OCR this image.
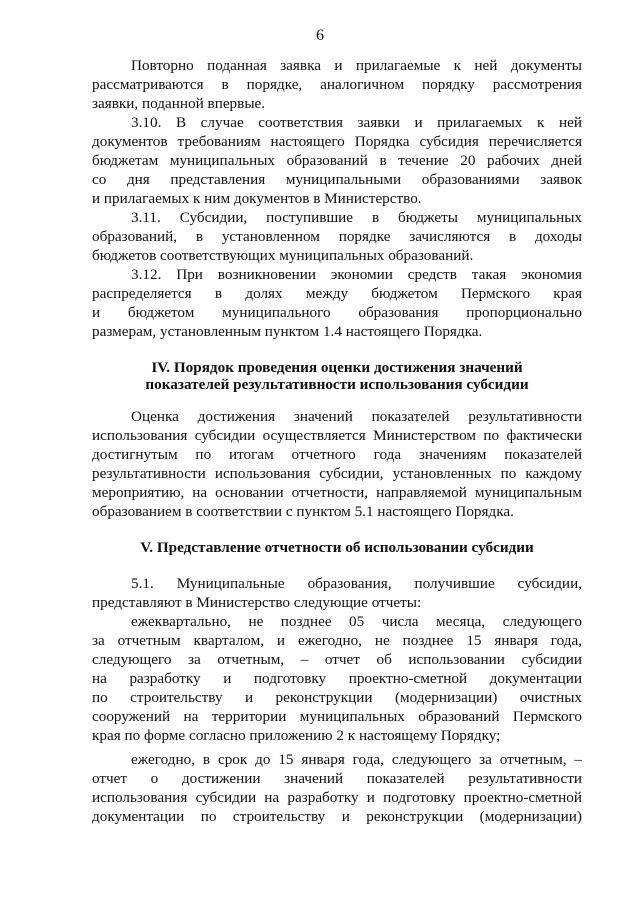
6
Повторно поданная заявка и прилагаемые к ней документы
рассматриваются в порядке, аналогичном порядку рассмотрения
заявки, поданной впервые.
3.10. В случае соответствия заявки и прилагаемых к ней
документов требованиям настоящего Порядка субсидия перечисляется
бюджетам муниципальных образований в течение 20 рабочих дней
со дня представления муниципальными образованиями заявок
и прилагаемых к ним документов в Министерство.
3.11. Субсидии, поступившие в бюджеты муниципальных
образований, в установленном порядке зачисляются в доходы
бюджетов соответствующих муниципальных образований.
3.12. При возникновении экономии средств такая экономия
распределяется в долях между бюджетом Пермского края
и бюджетом муниципального образования пропорционально
размерам, установленным пунктом 1.4 настоящего Порядка.
IV. Порядок проведения оценки достижения значений
показателей результативности использования субсидии
Оценка достижения значений показателей результативности
использования субсидии осуществляется Министерством по фактически
достигнутым по итогам отчетного года значениям показателей
результативности использования субсидии, установленных по каждому
мероприятию, на основании отчетности, направляемой муниципальным
образованием в соответствии с пунктом 5.1 настоящего Порядка.
V. Представление отчетности об использовании субсидии
5.1. Муниципальные образования, получившие субсидии,
представляют в Министерство следующие отчеты:
ежеквартально, не позднее 05 числа месяца, следующего
за отчетным кварталом, и ежегодно, не позднее 15 января года,
следующего за отчетным, – отчет об использовании субсидии
на разработку и подготовку проектно-сметной документации
по строительству и реконструкции (модернизации) очистных
сооружений на территории муниципальных образований Пермского
края по форме согласно приложению 2 к настоящему Порядку;
ежегодно, в срок до 15 января года, следующего за отчетным, –
отчет о достижении значений показателей результативности
использования субсидии на разработку и подготовку проектно-сметной
документации по строительству и реконструкции (модернизации)
